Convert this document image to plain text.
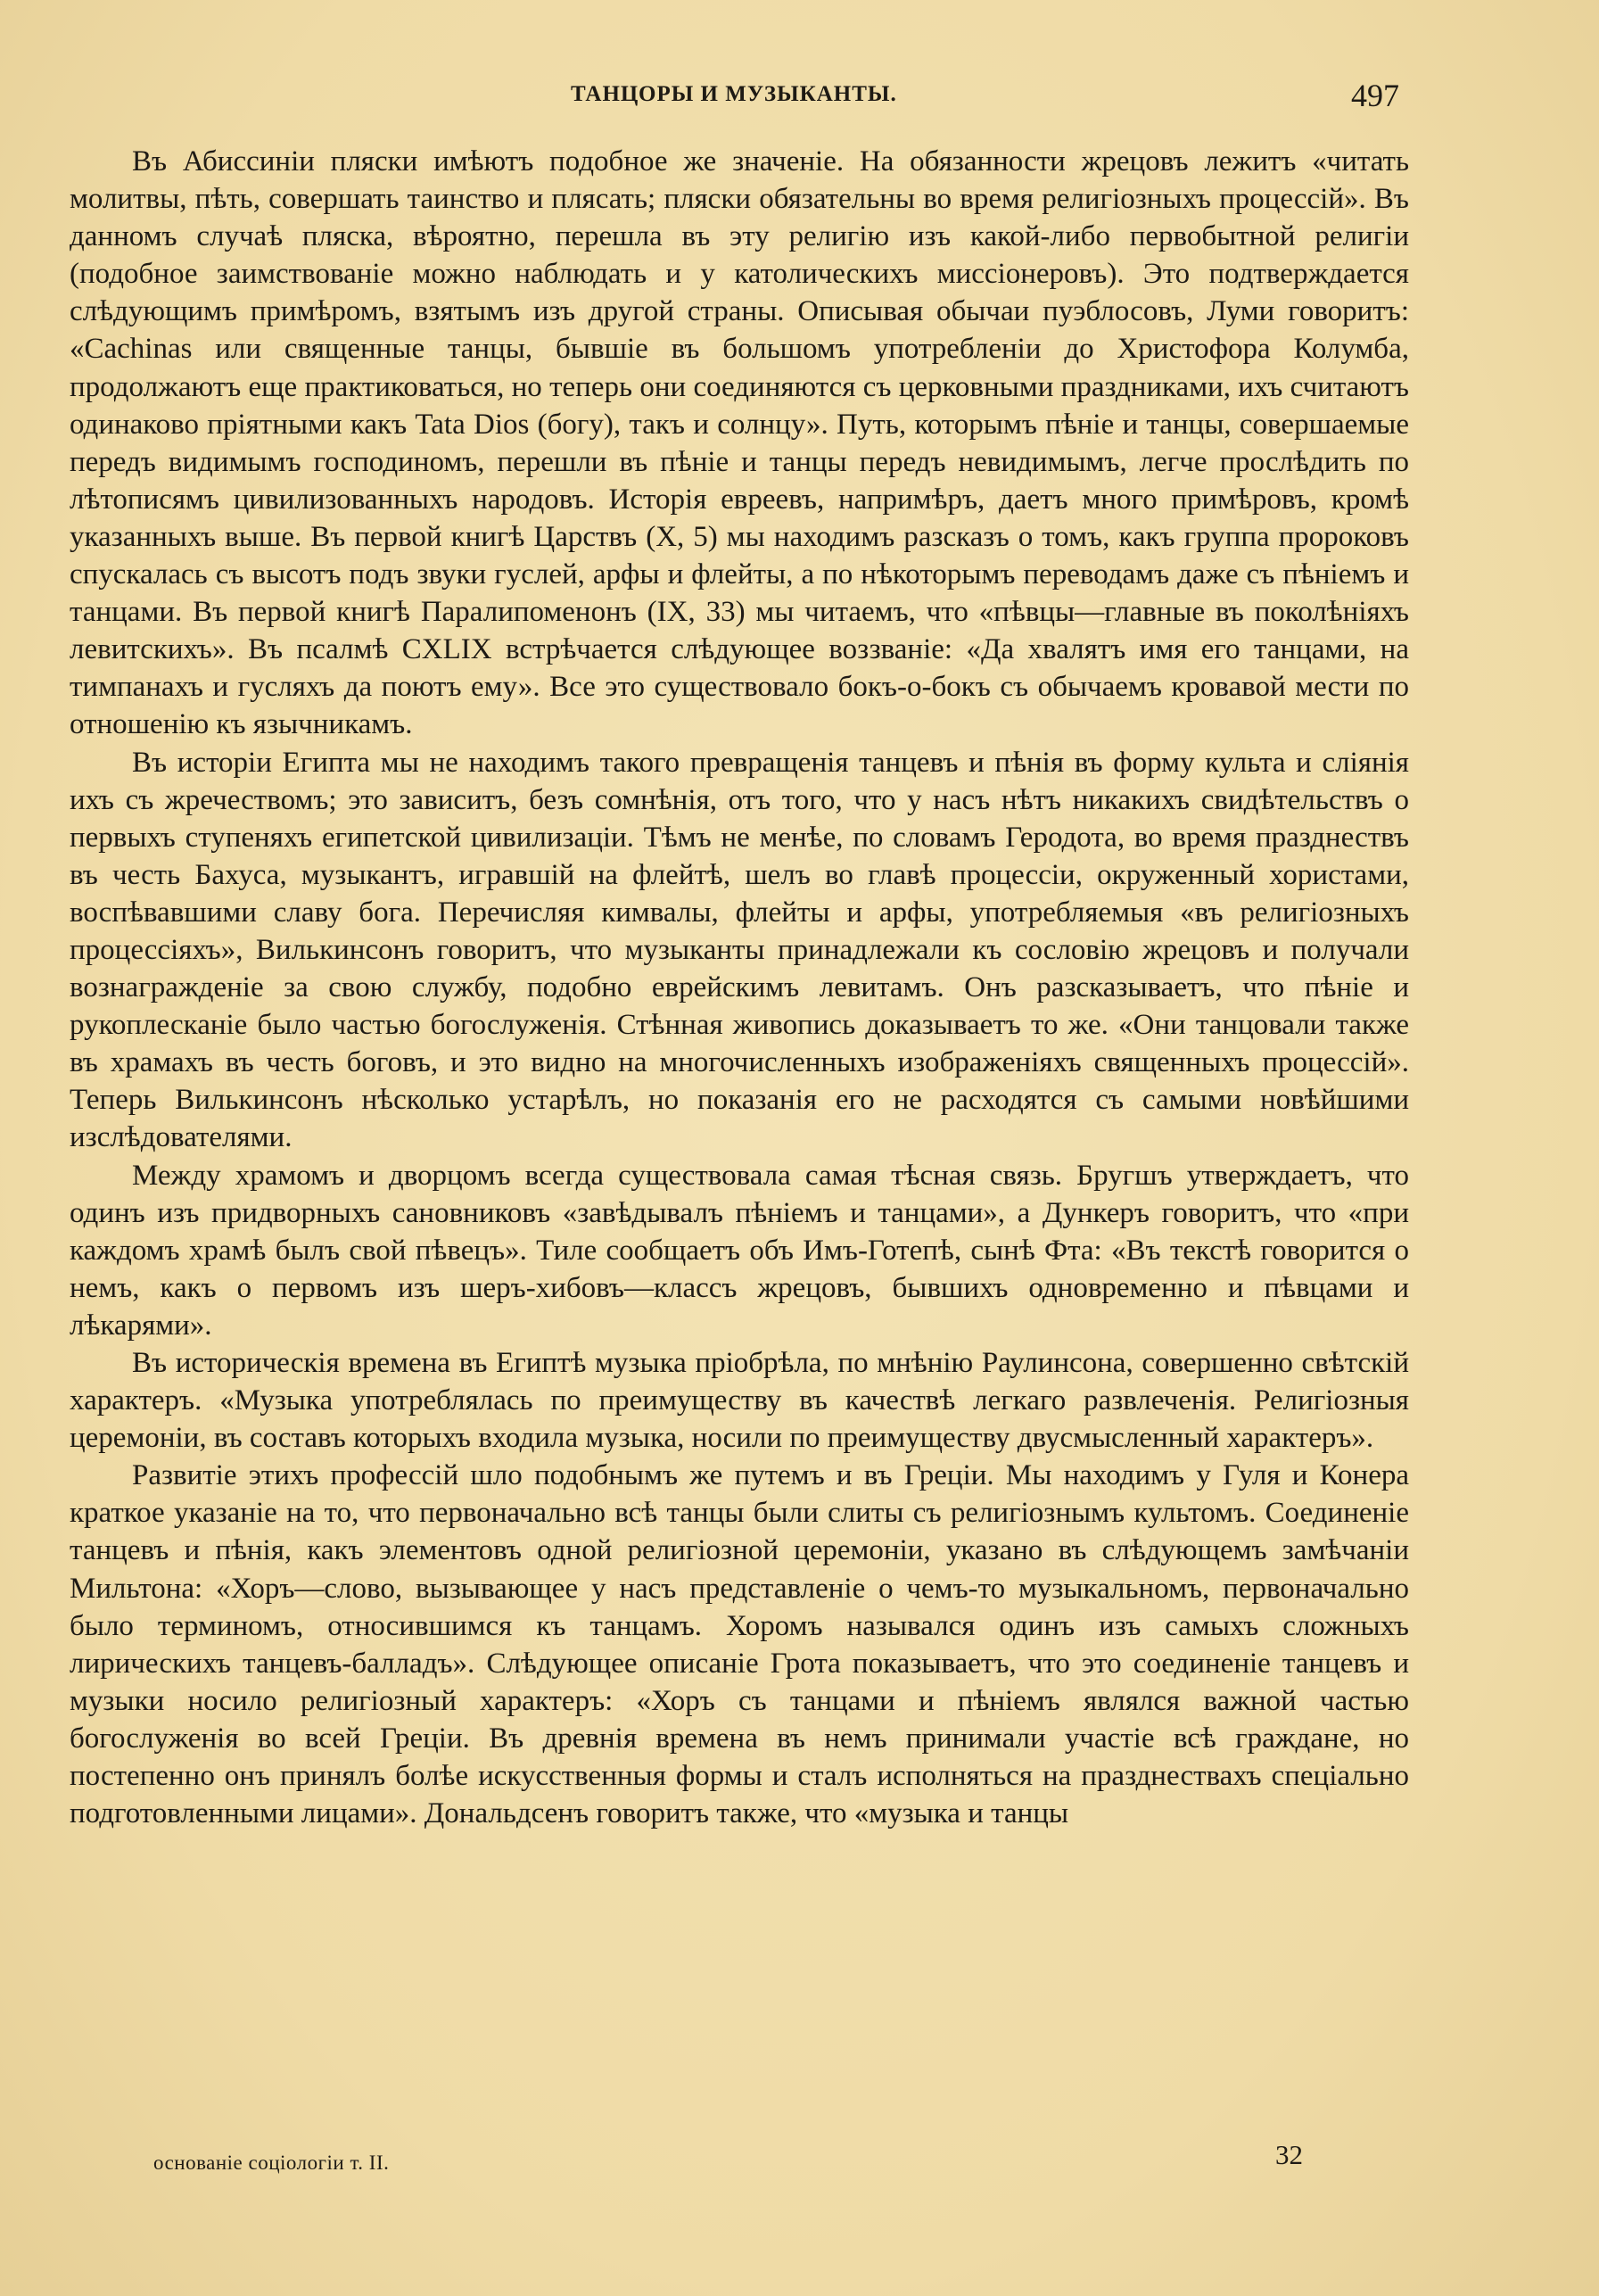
ТАНЦОРЫ И МУЗЫКАНТЫ.	497

Въ Абиссиніи пляски имѣютъ подобное же значеніе. На обязанности жрецовъ лежитъ «читать молитвы, пѣть, совершать таинство и плясать; пляски обязательны во время религіозныхъ процессій». Въ данномъ случаѣ пляска, вѣроятно, перешла въ эту религію изъ какой-либо первобытной религіи (подобное заимствованіе можно наблюдать и у католическихъ миссіонеровъ). Это подтверждается слѣдующимъ примѣромъ, взятымъ изъ другой страны. Описывая обычаи пуэблосовъ, Луми говоритъ: «Cachinas или священные танцы, бывшіе въ большомъ употребленіи до Христофора Колумба, продолжаютъ еще практиковаться, но теперь они соединяются съ церковными праздниками, ихъ считаютъ одинаково пріятными какъ Tata Dios (богу), такъ и солнцу». Путь, которымъ пѣніе и танцы, совершаемые передъ видимымъ господиномъ, перешли въ пѣніе и танцы передъ невидимымъ, легче прослѣдить по лѣтописямъ цивилизованныхъ народовъ. Исторія евреевъ, напримѣръ, даетъ много примѣровъ, кромѣ указанныхъ выше. Въ первой книгѣ Царствъ (X, 5) мы находимъ разсказъ о томъ, какъ группа пророковъ спускалась съ высотъ подъ звуки гуслей, арфы и флейты, а по нѣкоторымъ переводамъ даже съ пѣніемъ и танцами. Въ первой книгѣ Паралипоменонъ (IX, 33) мы читаемъ, что «пѣвцы—главные въ поколѣніяхъ левитскихъ». Въ псалмѣ CXLIX встрѣчается слѣдующее воззваніе: «Да хвалятъ имя его танцами, на тимпанахъ и гусляхъ да поютъ ему». Все это существовало бокъ-о-бокъ съ обычаемъ кровавой мести по отношенію къ язычникамъ.

Въ исторіи Египта мы не находимъ такого превращенія танцевъ и пѣнія въ форму культа и слiянія ихъ съ жречествомъ; это зависитъ, безъ сомнѣнія, отъ того, что у насъ нѣтъ никакихъ свидѣтельствъ о первыхъ ступеняхъ египетской цивилизаціи. Тѣмъ не менѣе, по словамъ Геродота, во время празднествъ въ честь Бахуса, музыкантъ, игравшій на флейтѣ, шелъ во главѣ процессіи, окруженный хористами, воспѣвавшими славу бога. Перечисляя кимвалы, флейты и арфы, употребляемыя «въ религіозныхъ процессіяхъ», Вилькинсонъ говоритъ, что музыканты принадлежали къ сословію жрецовъ и получали вознагражденіе за свою службу, подобно еврейскимъ левитамъ. Онъ разсказываетъ, что пѣніе и рукоплесканіе было частью богослуженія. Стѣнная живопись доказываетъ то же. «Они танцовали также въ храмахъ въ честь боговъ, и это видно на многочисленныхъ изображеніяхъ священныхъ процессій». Теперь Вилькинсонъ нѣсколько устарѣлъ, но показанія его не расходятся съ самыми новѣйшими изслѣдователями.

Между храмомъ и дворцомъ всегда существовала самая тѣсная связь. Бругшъ утверждаетъ, что одинъ изъ придворныхъ сановниковъ «завѣдывалъ пѣніемъ и танцами», а Дункеръ говоритъ, что «при каждомъ храмѣ былъ свой пѣвецъ». Тиле сообщаетъ объ Имъ-Готепѣ, сынѣ Фта: «Въ текстѣ говорится о немъ, какъ о первомъ изъ шеръ-хибовъ—классъ жрецовъ, бывшихъ одновременно и пѣвцами и лѣкарями».

Въ историческія времена въ Египтѣ музыка пріобрѣла, по мнѣнію Раулинсона, совершенно свѣтскій характеръ. «Музыка употреблялась по преимуществу въ качествѣ легкаго развлеченія. Религіозныя церемоніи, въ составъ которыхъ входила музыка, носили по преимуществу двусмысленный характеръ».

Развитіе этихъ профессій шло подобнымъ же путемъ и въ Греціи. Мы находимъ у Гуля и Конера краткое указаніе на то, что первоначально всѣ танцы были слиты съ религіознымъ культомъ. Соединеніе танцевъ и пѣнія, какъ элементовъ одной религіозной церемоніи, указано въ слѣдующемъ замѣчаніи Мильтона: «Хоръ—слово, вызывающее у насъ представленіе о чемъ-то музыкальномъ, первоначально было терминомъ, относившимся къ танцамъ. Хоромъ назывался одинъ изъ самыхъ сложныхъ лирическихъ танцевъ-балладъ». Слѣдующее описаніе Грота показываетъ, что это соединеніе танцевъ и музыки носило религіозный характеръ: «Хоръ съ танцами и пѣніемъ являлся важной частью богослуженія во всей Греціи. Въ древнія времена въ немъ принимали участіе всѣ граждане, но постепенно онъ принялъ болѣе искусственныя формы и сталъ исполняться на празднествахъ спеціально подготовленными лицами». Дональдсенъ говоритъ также, что «музыка и танцы

основаніе соціологіи т. II.	32
